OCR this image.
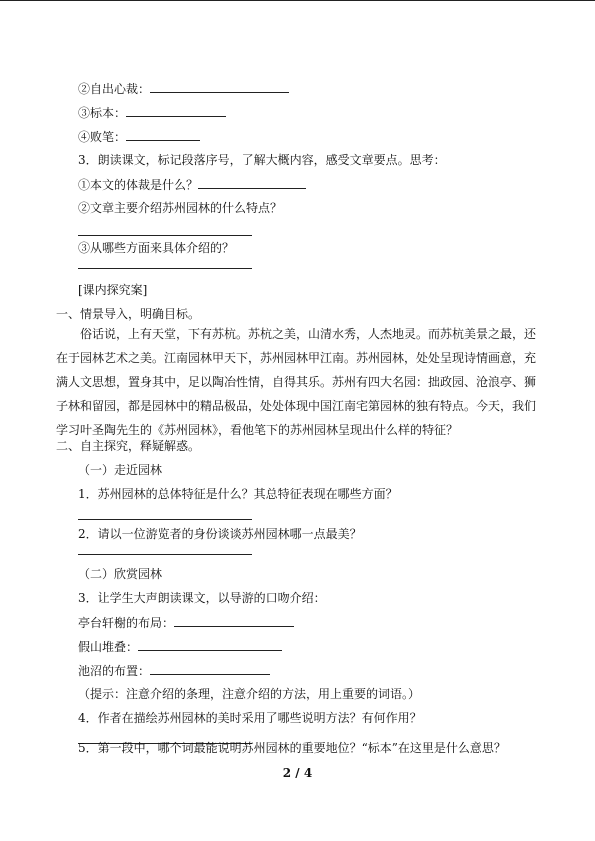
②自出心裁：
③标本：
④败笔：
3．朗读课文，标记段落序号，了解大概内容，感受文章要点。思考：
①本文的体裁是什么？
②文章主要介绍苏州园林的什么特点？
③从哪些方面来具体介绍的？
[课内探究案]
一、情景导入，明确目标。
俗话说，上有天堂，下有苏杭。苏杭之美，山清水秀，人杰地灵。而苏杭美景之最，还
在于园林艺术之美。江南园林甲天下，苏州园林甲江南。苏州园林，处处呈现诗情画意，充
满人文思想，置身其中，足以陶冶性情，自得其乐。苏州有四大名园：拙政园、沧浪亭、狮
子林和留园，都是园林中的精品极品，处处体现中国江南宅第园林的独有特点。今天，我们
学习叶圣陶先生的《苏州园林》，看他笔下的苏州园林呈现出什么样的特征？
二、自主探究，释疑解惑。
（一）走近园林
1．苏州园林的总体特征是什么？其总特征表现在哪些方面？
2．请以一位游览者的身份谈谈苏州园林哪一点最美？
（二）欣赏园林
3．让学生大声朗读课文，以导游的口吻介绍：
亭台轩榭的布局：
假山堆叠：
池沼的布置：
（提示：注意介绍的条理，注意介绍的方法，用上重要的词语。）
4．作者在描绘苏州园林的美时采用了哪些说明方法？有何作用？
5．第一段中，哪个词最能说明苏州园林的重要地位？“标本”在这里是什么意思？
2 / 4
